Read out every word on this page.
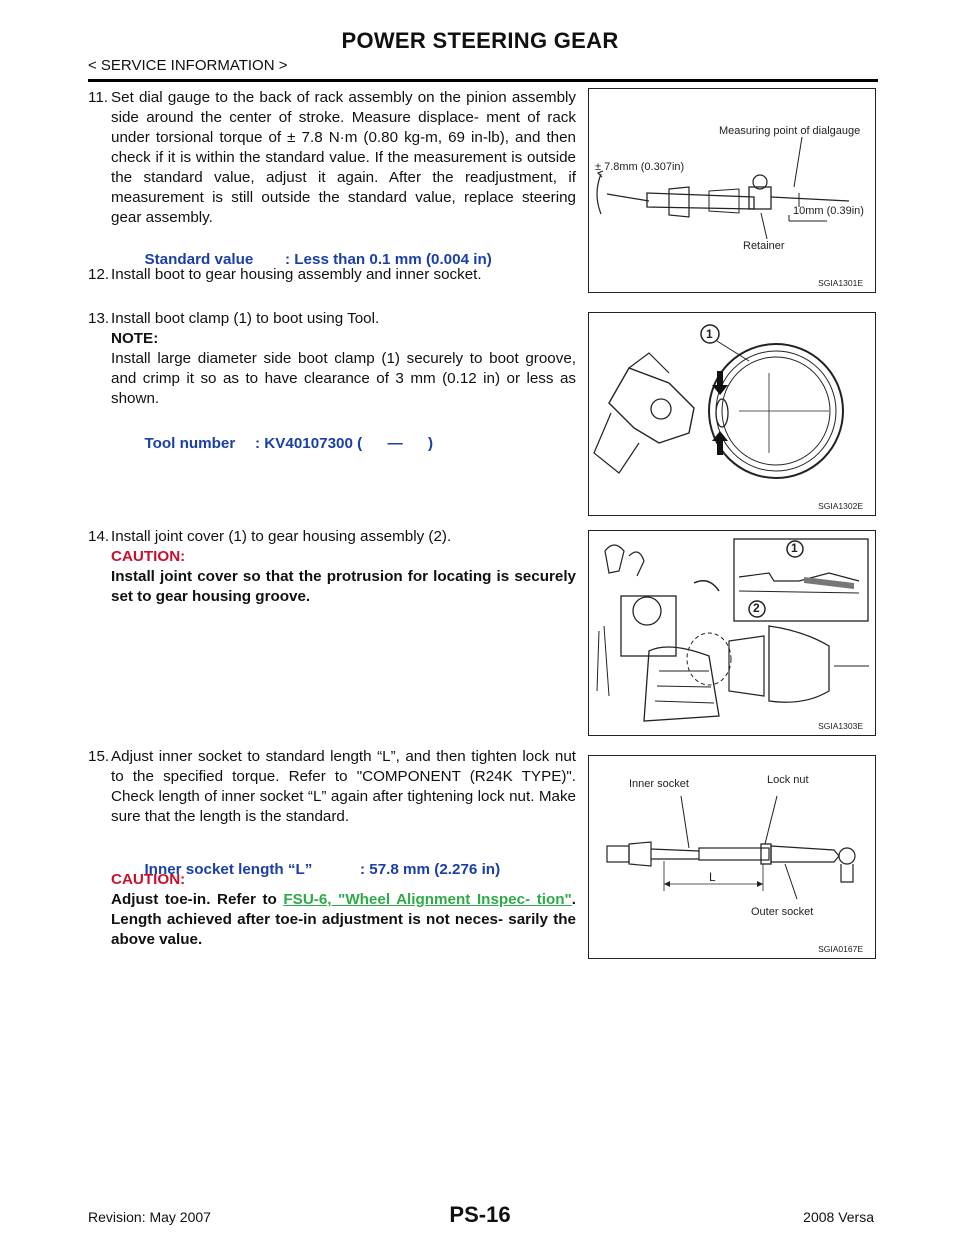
POWER STEERING GEAR
< SERVICE INFORMATION >
11. Set dial gauge to the back of rack assembly on the pinion assembly side around the center of stroke. Measure displace- ment of rack under torsional torque of ± 7.8 N·m (0.80 kg-m, 69 in-lb), and then check if it is within the standard value. If the measurement is outside the standard value, adjust it again. After the readjustment, if measurement is still outside the standard value, replace steering gear assembly.

Standard value : Less than 0.1 mm (0.004 in)

12. Install boot to gear housing assembly and inner socket.
13. Install boot clamp (1) to boot using Tool.
NOTE:
Install large diameter side boot clamp (1) securely to boot groove, and crimp it so as to have clearance of 3 mm (0.12 in) or less as shown.

Tool number : KV40107300 (      —      )

14. Install joint cover (1) to gear housing assembly (2).
CAUTION:
Install joint cover so that the protrusion for locating is securely set to gear housing groove.
15. Adjust inner socket to standard length “L”, and then tighten lock nut to the specified torque. Refer to "COMPONENT (R24K TYPE)". Check length of inner socket “L” again after tightening lock nut. Make sure that the length is the standard.

Inner socket length “L”	: 57.8 mm (2.276 in)

CAUTION:
Adjust toe-in. Refer to FSU-6, "Wheel Alignment Inspec- tion". Length achieved after toe-in adjustment is not neces- sarily the above value.
Measuring point of dialgauge
± 7.8mm (0.307in)
10mm (0.39in)
Retainer
SGIA1301E
1
SGIA1302E
1
2
SGIA1303E
Inner socket	Lock nut
L
Outer socket
SGIA0167E
Revision: May 2007	PS-16	2008 Versa
